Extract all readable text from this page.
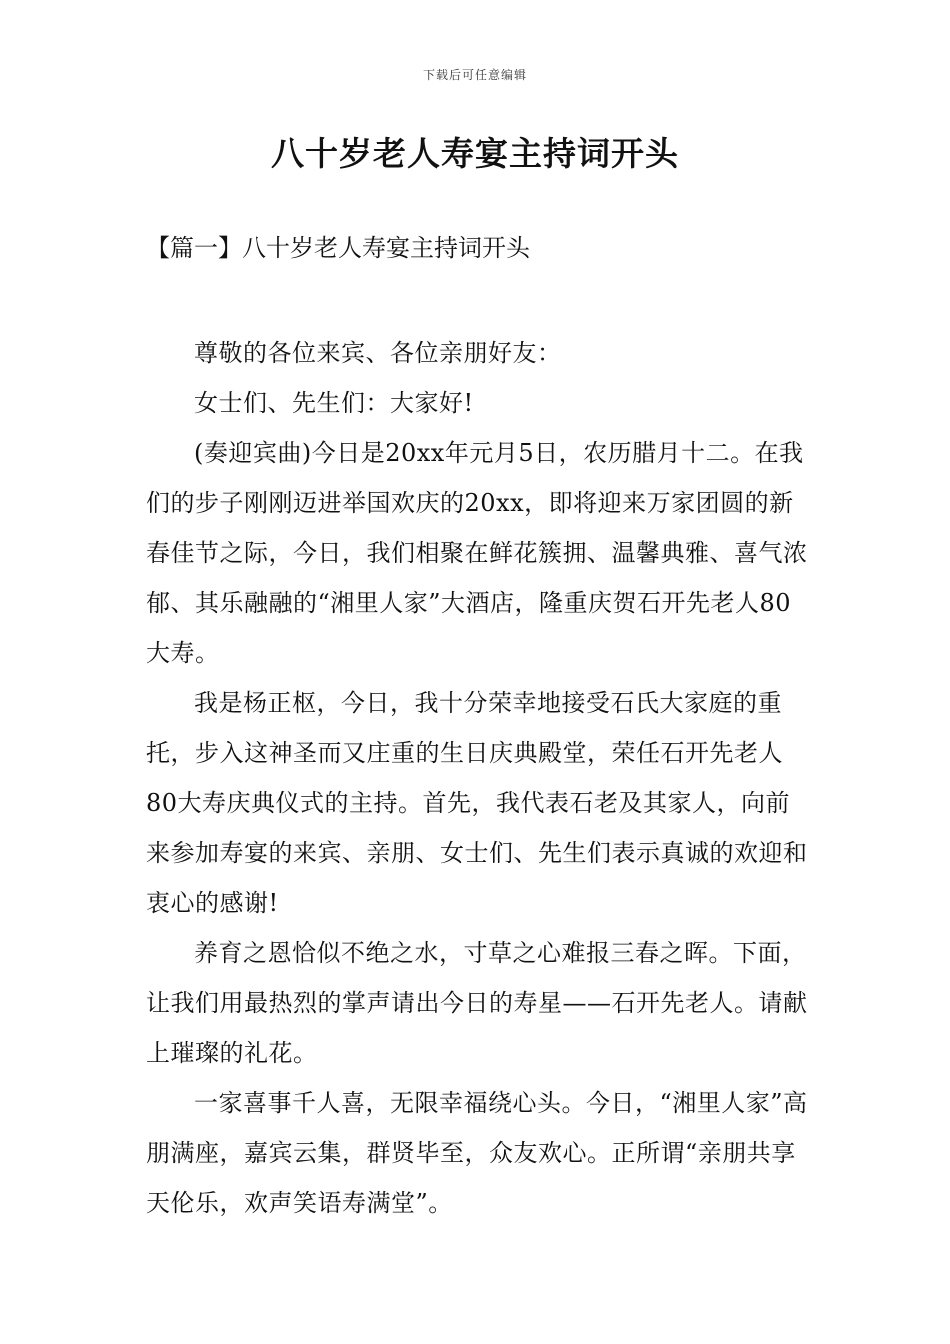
下载后可任意编辑
八十岁老人寿宴主持词开头
【篇一】八十岁老人寿宴主持词开头

尊敬的各位来宾、各位亲朋好友：

女士们、先生们：大家好!

(奏迎宾曲)今日是20xx年元月5日，农历腊月十二。在我们的步子刚刚迈进举国欢庆的20xx，即将迎来万家团圆的新春佳节之际，今日，我们相聚在鲜花簇拥、温馨典雅、喜气浓郁、其乐融融的“湘里人家”大酒店，隆重庆贺石开先老人80大寿。

我是杨正枢，今日，我十分荣幸地接受石氏大家庭的重托，步入这神圣而又庄重的生日庆典殿堂，荣任石开先老人80大寿庆典仪式的主持。首先，我代表石老及其家人，向前来参加寿宴的来宾、亲朋、女士们、先生们表示真诚的欢迎和衷心的感谢!

养育之恩恰似不绝之水，寸草之心难报三春之晖。下面，让我们用最热烈的掌声请出今日的寿星——石开先老人。请献上璀璨的礼花。

一家喜事千人喜，无限幸福绕心头。今日，“湘里人家”高朋满座，嘉宾云集，群贤毕至，众友欢心。正所谓“亲朋共享天伦乐，欢声笑语寿满堂”。
